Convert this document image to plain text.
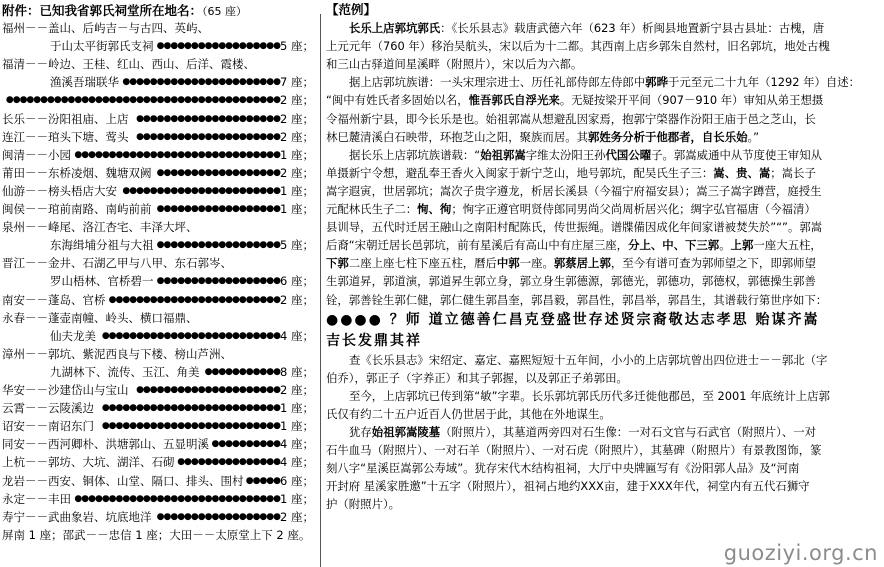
附件：已知我省郭氏祠堂所在地名：（65 座）
福州－－盖山、后屿吉－与古四、英屿、
于山太平街郭氏支祠 ●●●●●●●●●●●●●●●●●● 5 座；
福清－－岭边、王桂、红山、西山、后洋、霞楼、
渔溪吾瑞联华 ●●●●●●●●●●●●●●●●●●●●●●● 7 座；
●●●●●●●●●●●●●●●●●●●●●●●●●●●●●●●●●●●●●●●● 2 座；
长乐－－汾阳祖庙、上店 ●●●●●●●●●●●●●●●●●●●●● 2 座；
连江－－琯头下塘、莺头 ●●●●●●●●●●●●●●●●●●●●● 2 座；
闽清－－小园 ●●●●●●●●●●●●●●●●●●●●●●●●●●●●●● 1 座；
莆田－－东桥凌烟、魏塘双阙 ●●●●●●●●●●●●●●●●●● 2 座；
仙游－－榜头梧店大安 ●●●●●●●●●●●●●●●●●●●●●●● 1 座；
闽侯－－琯前南路、南屿前前 ●●●●●●●●●●●●●●●●●● 1 座；
泉州－－峰尾、洛江杏宅、丰泽大坪、
东海缉埔分祖与大祖 ●●●●●●●●●●●●●●●●●● 5 座；
晋江－－金井、石湖乙甲与八甲、东石郭岑、
罗山梧林、官桥碧一 ●●●●●●●●●●●●●●●●●● 6 座；
南安－－蓬岛、官桥 ●●●●●●●●●●●●●●●●●●●●●●●●● 2 座；
永春－－蓬壶南幢、岭头、横口福鼎、
仙夫龙美 ●●●●●●●●●●●●●●●●●●●●●●●●●● 4 座；
漳州－－郭坑、紫泥西良与下楼、榜山芦洲、
九湖林下、流传、玉江、角美 ●●●●●●●●●●● 8 座；
华安－－沙建岱山与宝山 ●●●●●●●●●●●●●●●●●●●●● 2 座；
云霄－－云陵溪边 ●●●●●●●●●●●●●●●●●●●●●●●●●● 1 座；
诏安－－南诏东门 ●●●●●●●●●●●●●●●●●●●●●●●●●● 1 座；
同安－－西河卿朴、洪塘郭山、五显明溪 ●●●●●●●●●● 4 座；
上杭－－郭坊、大坑、湖洋、石砌 ●●●●●●●●●●●●●●● 4 座；
龙岩－－西安、铜体、山堂、隔口、排头、围村 ●●●●● 6 座；
永定－－丰田 ●●●●●●●●●●●●●●●●●●●●●●●●●●●●●● 1 座；
寿宁－－武曲象岩、坑底地洋 ●●●●●●●●●●●●●●●●●● 2 座；
屏南 1 座；邵武－－忠信 1 座；大田－－太原堂上下 2 座。
【范例】
长乐上店郭坑郭氏：《长乐县志》载唐武德六年（623 年）析闽县地置新宁县古县址：古槐，唐
上元元年（760 年）移治吴航头，宋以后为十二都。其西南上店乡郭朱自然村，旧名郭坑，地处古槐
和三山古驿道间星溪畔（附照片），宋以后为六都。
据上店郭坑族谱：一头宋理宗进士、历任礼部侍郎左侍郎中郭晔于元至元二十九年（1292 年）自述：
“闽中有姓氏者多固始以名，惟吾郭氏自浮光来。无疑按梁开平间（907－910 年）审知从弟王想摄
令福州新宁县，即今长乐是也。始祖郭嵩从想避乱因家焉，抱郭宁棨器作汾阳王庙于邑之芝山，长
林巳麓清溪白石映带，环抱芝山之阳，聚族而居。其郭姓务分析于他郡者，自长乐始。”
据长乐上店郭坑族谱载：“始祖郭嵩字维太汾阳王孙代国公曜子。郭嵩威通中从节度使王审知从
单摄新宁令想，避乱奉王香火入闽家于新宁芝山，地号郭坑，配吴氏生子三：嵩、贵、嵩；嵩长子
嵩字遐寅，世居郭坑；嵩次子贵字遵龙，析居长溪县（今福宁府福安县）；嵩三子嵩字蹲营，庭授生
元配林氏生子二：恂、徇；恂字正遵官明贤侍郎同男尚父尚周析居兴化；绸字弘官福唐（今福清）
县训导，五代时迁居王融山之南阳村配陈氏，传世振绳。谱牒備因成化年间家谱被焚失於”“”。郭嵩
后裔“宋朝迁居长邑郭坑，前有星溪后有高山中有庄屋三座，分上、中、下三郭。上郭一座大五柱，
下郭二座上座七柱下座五柱，曆后中郭一座。郭蔡居上郭，至今有谱可查为郭师望之下，即郭师望
生郭道昇，郭道演，郭道昇生郭立身，郭立身生郭德源，郭德光，郭德功，郭德权，郭德操生郭善
铨，郭善铨生郭仁健，郭仁健生郭昌奎，郭昌毅，郭昌性，郭昌举，郭昌生，其谱载行第世序如下：
●●●● ？师 道立德善仁昌克登盛世存述贤宗裔敬达志孝思 贻谋齐嵩
吉长发鼎其祥
查《长乐县志》宋绍定、嘉定、嘉熙短短十五年间，小小的上店郭坑曾出四位进士－－郭北（字
伯乔），郭正子（字养正）和其子郭握，以及郭正子弟郭田。
至今，上店郭坑已传到第“敏”字辈。长乐郭坑郭氏历代多迁徙他郡邑，至 2001 年底统计上店郭
氏仅有约二十五户近百人仍世居于此，其他在外地谋生。
犹存始祖郭嵩陵墓（附照片），其墓道两旁四对石生像：一对石文官与石武官（附照片）、一对
石牛血马（附照片）、一对石羊（附照片）、一对石虎（附照片），其墓碑（附照片）有景教图饰，篆
刻八字“星溪臣嵩郭公寿域”。犹存宋代木结构祖祠，大厅中央牌匾写有《汾阳郭人品》及“河南
开封府 星溪家胜邀”十五字（附照片），祖祠占地约XXX亩，建于XXX年代，祠堂内有五代石狮守
护（附照片）。
guoziyi.org.cn
